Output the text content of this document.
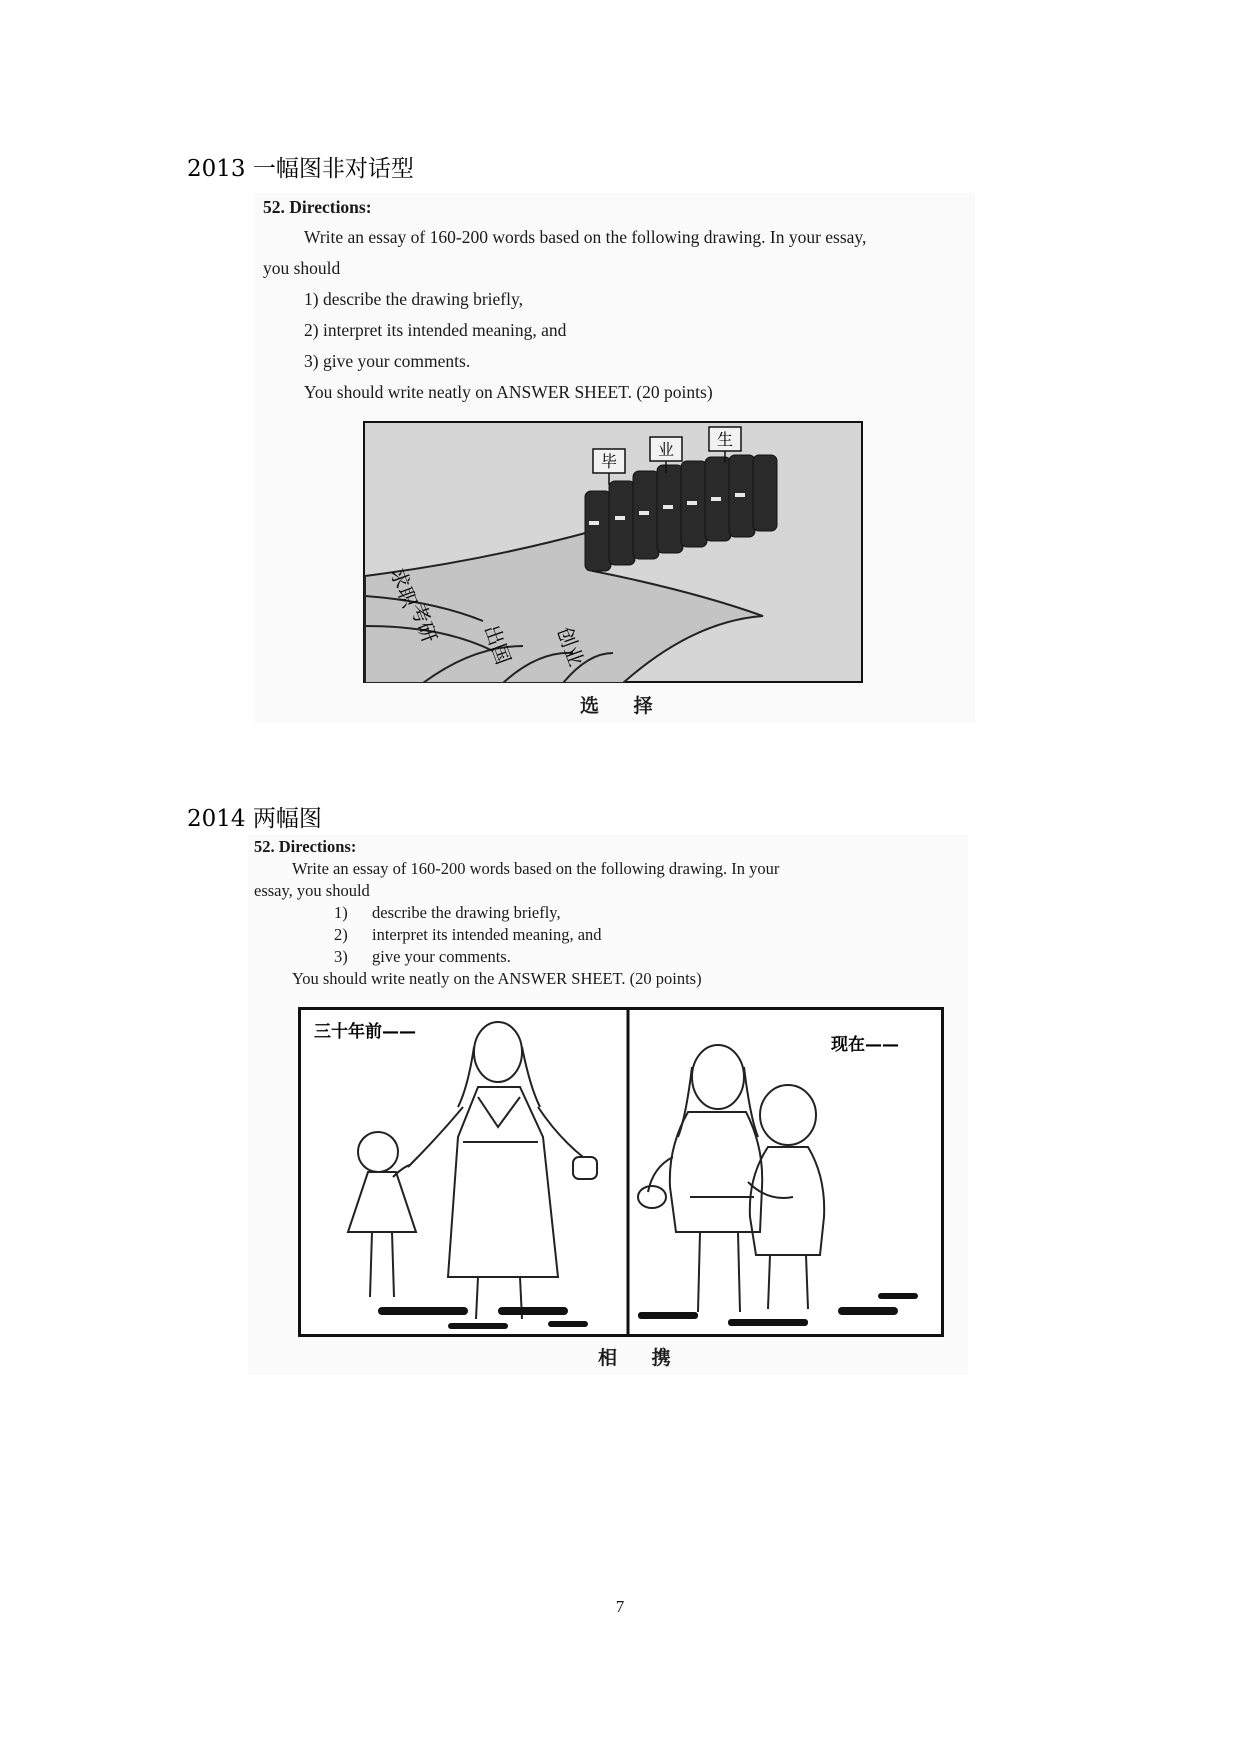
2013 一幅图非对话型
52. Directions:
Write an essay of 160-200 words based on the following drawing. In your essay,
you should
1) describe the drawing briefly,
2) interpret its intended meaning, and
3) give your comments.
You should write neatly on ANSWER SHEET. (20 points)
毕
业
生
求职
考研 出国 创业
选 择
2014 两幅图
52. Directions:
Write an essay of 160-200 words based on the following drawing. In your
essay, you should
1) describe the drawing briefly,
2) interpret its intended meaning, and
3) give your comments.
You should write neatly on the ANSWER SHEET. (20 points)
三十年前——
现在——
相 携
7
